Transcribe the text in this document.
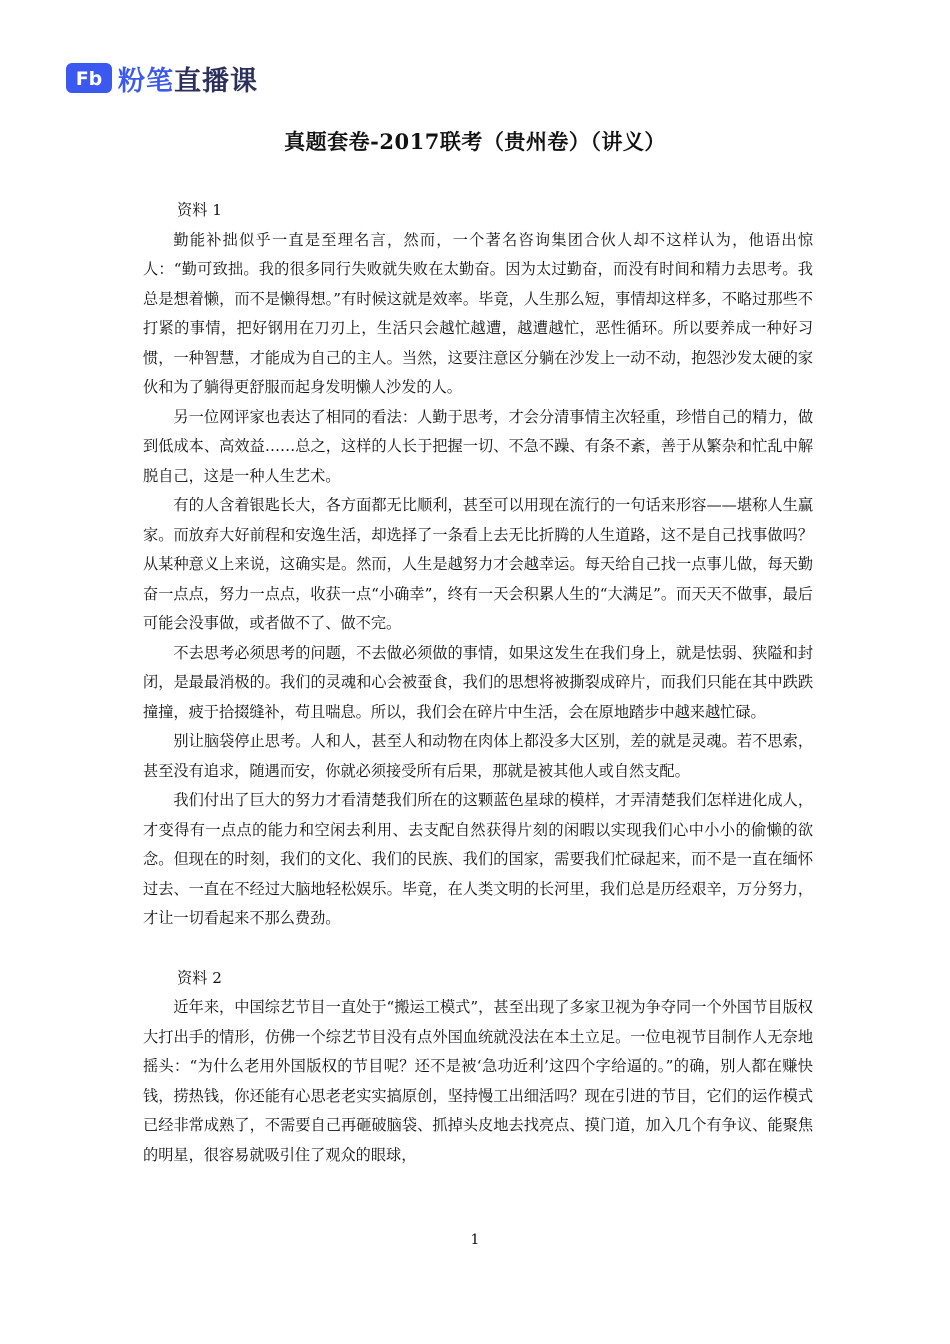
Fb 粉笔直播课
真题套卷-2017联考（贵州卷）（讲义）

资料 1

勤能补拙似乎一直是至理名言，然而，一个著名咨询集团合伙人却不这样认为，他语出惊人：“勤可致拙。我的很多同行失败就失败在太勤奋。因为太过勤奋，而没有时间和精力去思考。我总是想着懒，而不是懒得想。”有时候这就是效率。毕竟，人生那么短，事情却这样多，不略过那些不打紧的事情，把好钢用在刀刃上，生活只会越忙越遭，越遭越忙，恶性循环。所以要养成一种好习惯，一种智慧，才能成为自己的主人。当然，这要注意区分躺在沙发上一动不动，抱怨沙发太硬的家伙和为了躺得更舒服而起身发明懒人沙发的人。

另一位网评家也表达了相同的看法：人勤于思考，才会分清事情主次轻重，珍惜自己的精力，做到低成本、高效益……总之，这样的人长于把握一切、不急不躁、有条不紊，善于从繁杂和忙乱中解脱自己，这是一种人生艺术。

有的人含着银匙长大，各方面都无比顺利，甚至可以用现在流行的一句话来形容——堪称人生赢家。而放弃大好前程和安逸生活，却选择了一条看上去无比折腾的人生道路，这不是自己找事做吗？从某种意义上来说，这确实是。然而，人生是越努力才会越幸运。每天给自己找一点事儿做，每天勤奋一点点，努力一点点，收获一点“小确幸”，终有一天会积累人生的“大满足”。而天天不做事，最后可能会没事做，或者做不了、做不完。

不去思考必须思考的问题，不去做必须做的事情，如果这发生在我们身上，就是怯弱、狭隘和封闭，是最最消极的。我们的灵魂和心会被蚕食，我们的思想将被撕裂成碎片，而我们只能在其中跌跌撞撞，疲于拾掇缝补，苟且喘息。所以，我们会在碎片中生活，会在原地踏步中越来越忙碌。

别让脑袋停止思考。人和人，甚至人和动物在肉体上都没多大区别，差的就是灵魂。若不思索，甚至没有追求，随遇而安，你就必须接受所有后果，那就是被其他人或自然支配。

我们付出了巨大的努力才看清楚我们所在的这颗蓝色星球的模样，才弄清楚我们怎样进化成人，才变得有一点点的能力和空闲去利用、去支配自然获得片刻的闲暇以实现我们心中小小的偷懒的欲念。但现在的时刻，我们的文化、我们的民族、我们的国家，需要我们忙碌起来，而不是一直在缅怀过去、一直在不经过大脑地轻松娱乐。毕竟，在人类文明的长河里，我们总是历经艰辛，万分努力，才让一切看起来不那么费劲。

资料 2

近年来，中国综艺节目一直处于“搬运工模式”，甚至出现了多家卫视为争夺同一个外国节目版权大打出手的情形，仿佛一个综艺节目没有点外国血统就没法在本土立足。一位电视节目制作人无奈地摇头：“为什么老用外国版权的节目呢？还不是被‘急功近利’这四个字给逼的。”的确，别人都在赚快钱，捞热钱，你还能有心思老老实实搞原创，坚持慢工出细活吗？现在引进的节目，它们的运作模式已经非常成熟了，不需要自己再砸破脑袋、抓掉头皮地去找亮点、摸门道，加入几个有争议、能聚焦的明星，很容易就吸引住了观众的眼球，

1
